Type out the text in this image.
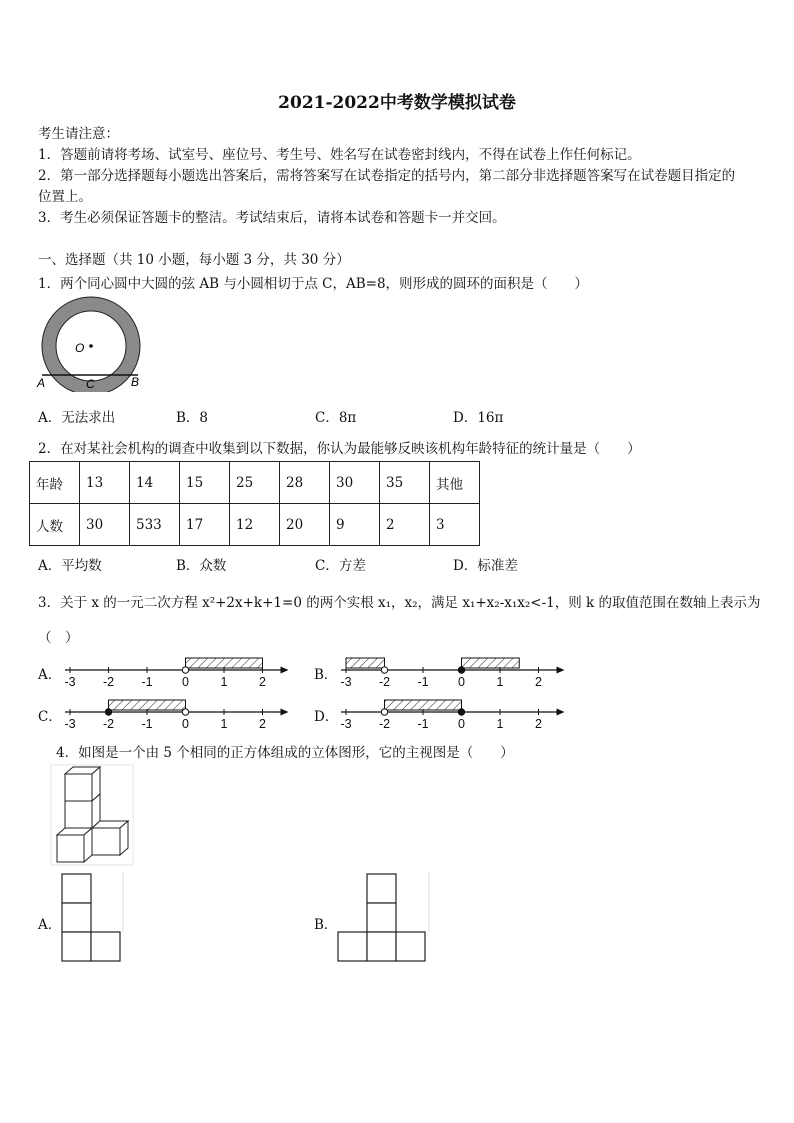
2021-2022中考数学模拟试卷
考生请注意：
1．答题前请将考场、试室号、座位号、考生号、姓名写在试卷密封线内，不得在试卷上作任何标记。
2．第一部分选择题每小题选出答案后，需将答案写在试卷指定的括号内，第二部分非选择题答案写在试卷题目指定的
位置上。
3．考生必须保证答题卡的整洁。考试结束后，请将本试卷和答题卡一并交回。
一、选择题（共 10 小题，每小题 3 分，共 30 分）
1．两个同心圆中大圆的弦 AB 与小圆相切于点 C，AB=8，则形成的圆环的面积是（　　）
O
A	C	B
A．无法求出	B．8	C．8π	D．16π
2．在对某社会机构的调查中收集到以下数据，你认为最能够反映该机构年龄特征的统计量是（　　）
年龄	13	14	15	25	28	30	35	其他
人数	30	533	17	12	20	9	2	3
A．平均数	B．众数	C．方差	D．标准差
3．关于 x 的一元二次方程 x²+2x+k+1=0 的两个实根 x₁，x₂，满足 x₁+x₂-x₁x₂<-1，则 k 的取值范围在数轴上表示为
（　）
A．	B．
C．	D．
-3 -2 -1 0	1	2	-3 -2 -1 0	1	2
-3 -2 -1 0	1	2	-3 -2 -1 0	1	2
4．如图是一个由 5 个相同的正方体组成的立体图形，它的主视图是（　　）
A．	B．
